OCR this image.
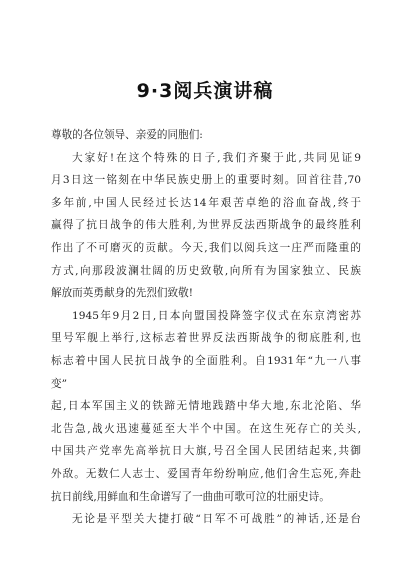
9·3阅兵演讲稿
尊敬的各位领导、亲爱的同胞们:
大家好!在这个特殊的日子,我们齐聚于此,共同见证9
月3日这一铭刻在中华民族史册上的重要时刻。回首往昔,70
多年前,中国人民经过长达14年艰苦卓绝的浴血奋战,终于
赢得了抗日战争的伟大胜利,为世界反法西斯战争的最终胜利
作出了不可磨灭的贡献。今天,我们以阅兵这一庄严而隆重的
方式,向那段波澜壮阔的历史致敬,向所有为国家独立、民族
解放而英勇献身的先烈们致敬!
1945年9月2日,日本向盟国投降签字仪式在东京湾密苏
里号军舰上举行,这标志着世界反法西斯战争的彻底胜利,也
标志着中国人民抗日战争的全面胜利。自1931年“九一八事
变”
起,日本军国主义的铁蹄无情地践踏中华大地,东北沦陷、华
北告急,战火迅速蔓延至大半个中国。在这生死存亡的关头,
中国共产党率先高举抗日大旗,号召全国人民团结起来,共御
外敌。无数仁人志士、爱国青年纷纷响应,他们舍生忘死,奔赴
抗日前线,用鲜血和生命谱写了一曲曲可歌可泣的壮丽史诗。
无论是平型关大捷打破“日军不可战胜”的神话,还是台
